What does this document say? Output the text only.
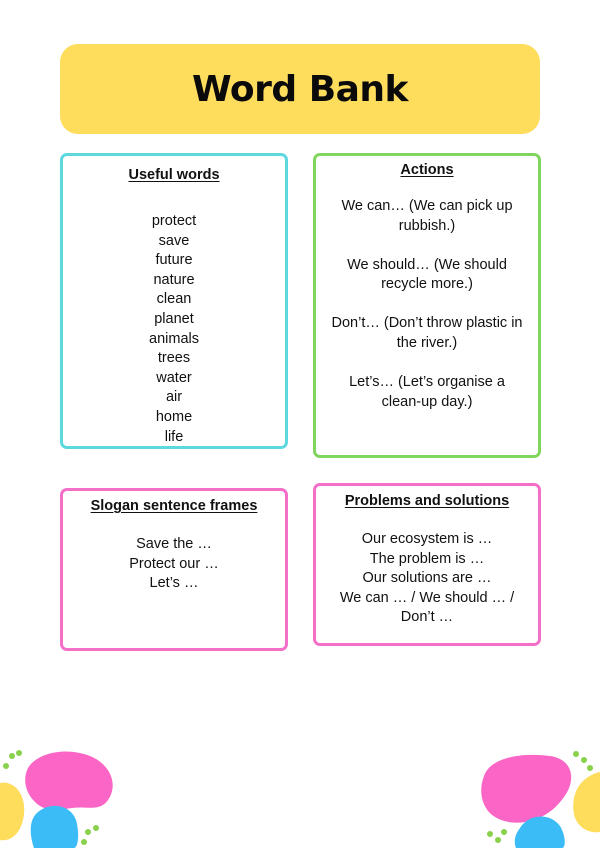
Word Bank
Useful words
protect
save
future
nature
clean
planet
animals
trees
water
air
home
life
Actions

We can… (We can pick up rubbish.)

We should… (We should recycle more.)

Don’t… (Don’t throw plastic in the river.)

Let’s… (Let’s organise a clean-up day.)

Slogan sentence frames
Save the …
Protect our …
Let’s …
Problems and solutions
Our ecosystem is …
The problem is …
Our solutions are …
We can … / We should … / Don’t …
